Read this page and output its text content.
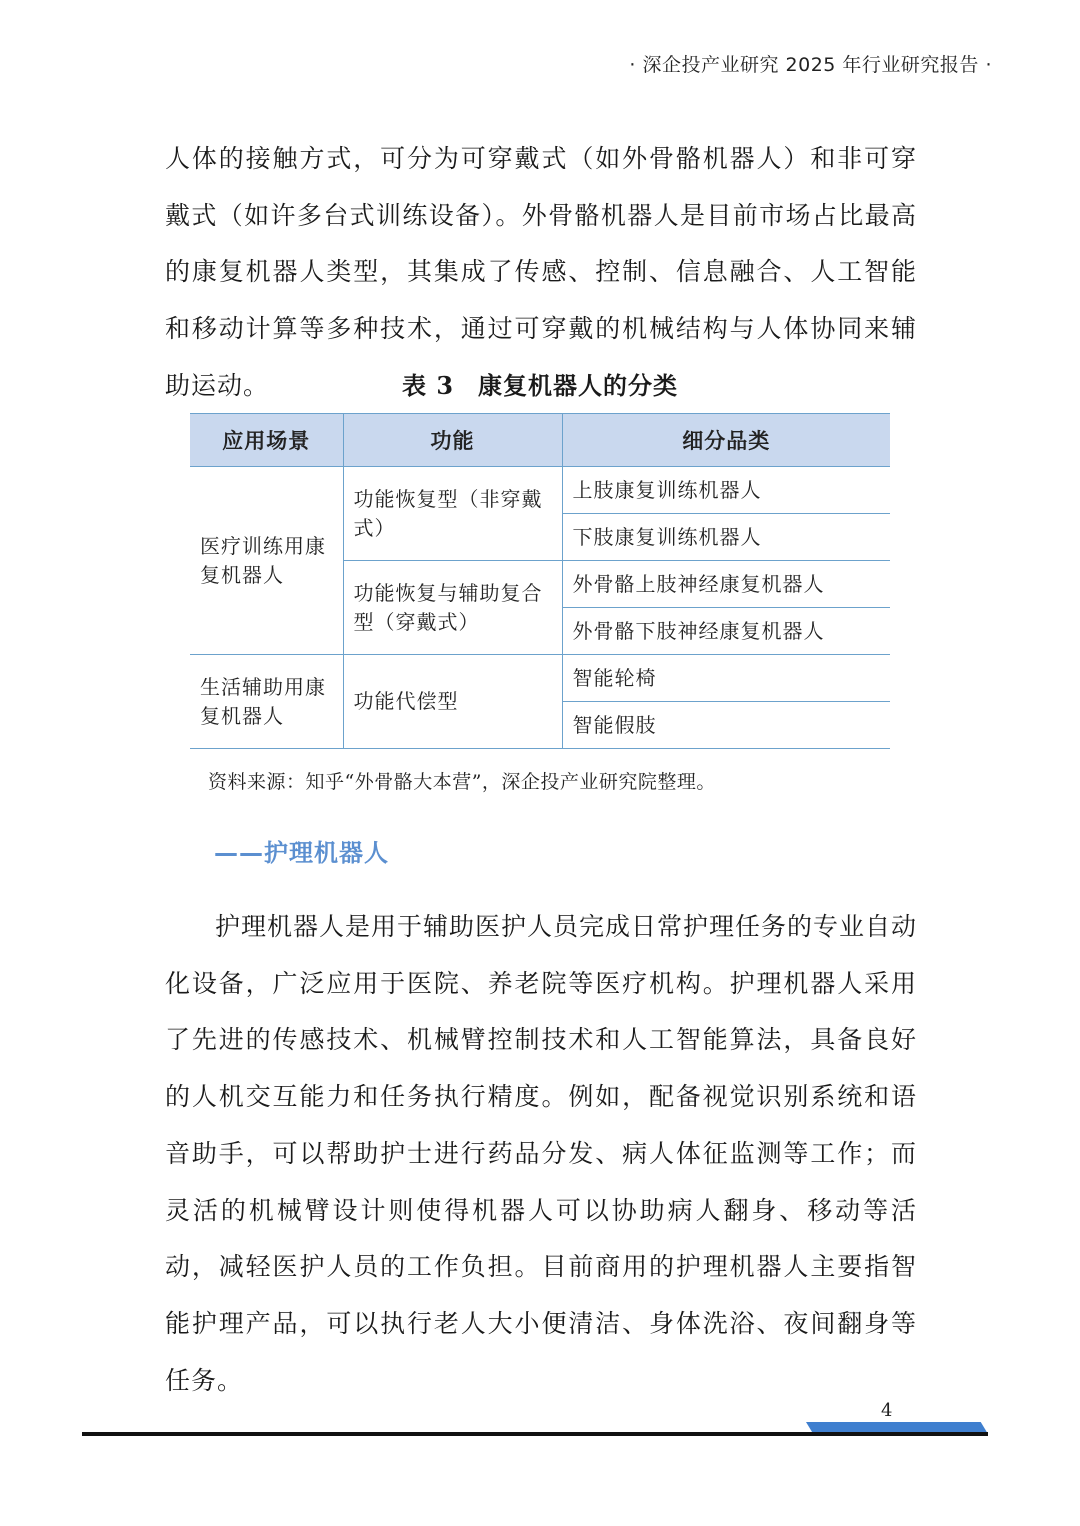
· 深企投产业研究 2025 年行业研究报告 ·

人体的接触方式，可分为可穿戴式（如外骨骼机器人）和非可穿戴式（如许多台式训练设备）。外骨骼机器人是目前市场占比最高的康复机器人类型，其集成了传感、控制、信息融合、人工智能和移动计算等多种技术，通过可穿戴的机械结构与人体协同来辅助运动。	表 3 康复机器人的分类
应用场景	功能	细分品类
医疗训练用康复机器人	功能恢复型（非穿戴式）	上肢康复训练机器人
		下肢康复训练机器人
	功能恢复与辅助复合型（穿戴式）	外骨骼上肢神经康复机器人
		外骨骼下肢神经康复机器人
生活辅助用康复机器人	功能代偿型	智能轮椅
		智能假肢
资料来源：知乎“外骨骼大本营”，深企投产业研究院整理。
——护理机器人

护理机器人是用于辅助医护人员完成日常护理任务的专业自动化设备，广泛应用于医院、养老院等医疗机构。护理机器人采用了先进的传感技术、机械臂控制技术和人工智能算法，具备良好的人机交互能力和任务执行精度。例如，配备视觉识别系统和语音助手，可以帮助护士进行药品分发、病人体征监测等工作；而灵活的机械臂设计则使得机器人可以协助病人翻身、移动等活动，减轻医护人员的工作负担。目前商用的护理机器人主要指智能护理产品，可以执行老人大小便清洁、身体洗浴、夜间翻身等任务。

4
